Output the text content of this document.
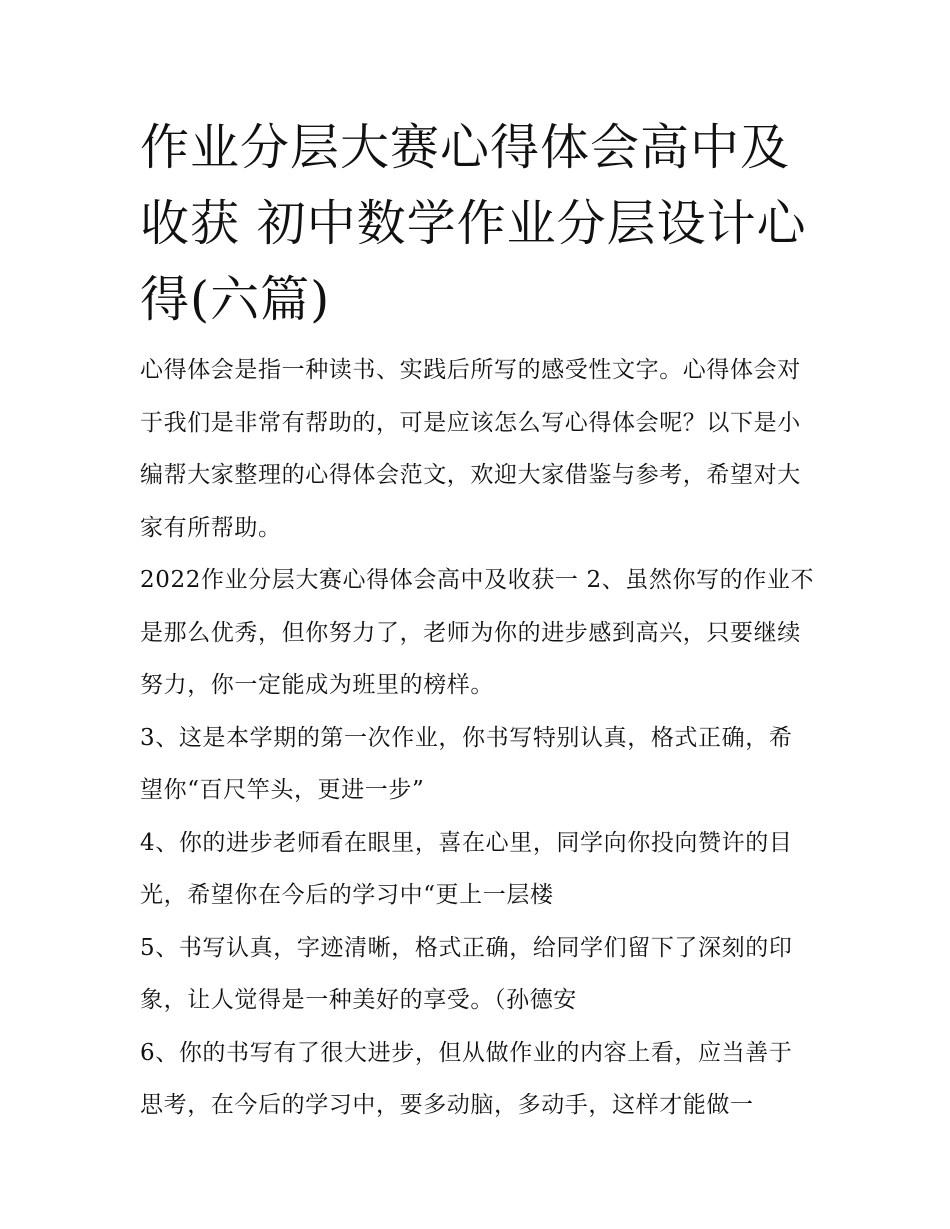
作业分层大赛心得体会高中及收获 初中数学作业分层设计心得(六篇)

心得体会是指一种读书、实践后所写的感受性文字。心得体会对于我们是非常有帮助的，可是应该怎么写心得体会呢？以下是小编帮大家整理的心得体会范文，欢迎大家借鉴与参考，希望对大家有所帮助。

2022作业分层大赛心得体会高中及收获一 2、虽然你写的作业不是那么优秀，但你努力了，老师为你的进步感到高兴，只要继续努力，你一定能成为班里的榜样。

3、这是本学期的第一次作业，你书写特别认真，格式正确，希望你“百尺竿头，更进一步”

4、你的进步老师看在眼里，喜在心里，同学向你投向赞许的目光，希望你在今后的学习中“更上一层楼

5、书写认真，字迹清晰，格式正确，给同学们留下了深刻的印象，让人觉得是一种美好的享受。（孙德安

6、你的书写有了很大进步，但从做作业的内容上看，应当善于思考，在今后的学习中，要多动脑，多动手，这样才能做一
